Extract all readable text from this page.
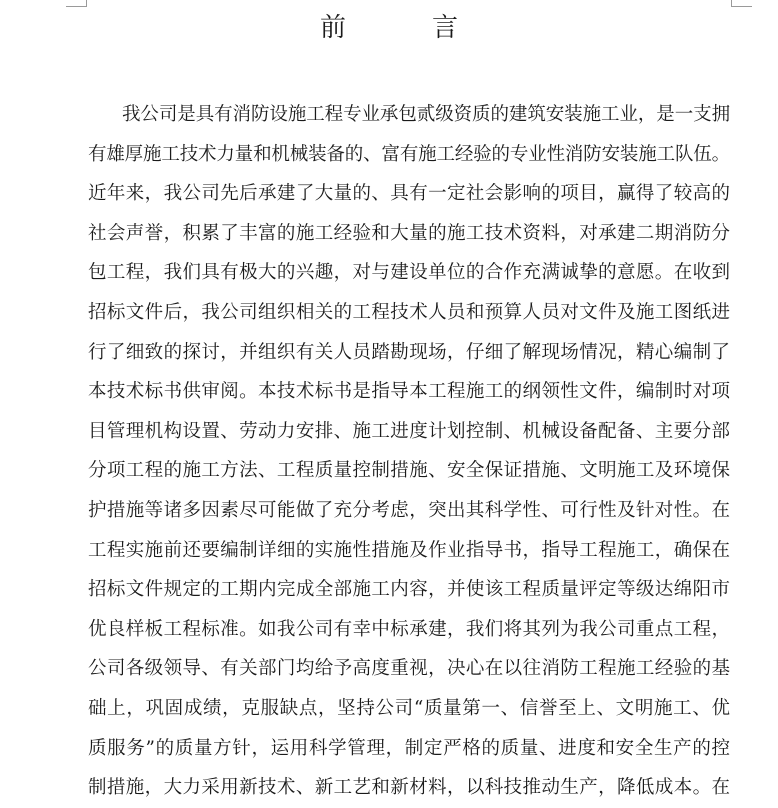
前　言
我公司是具有消防设施工程专业承包贰级资质的建筑安装施工业，是一支拥
有雄厚施工技术力量和机械装备的、富有施工经验的专业性消防安装施工队伍。
近年来，我公司先后承建了大量的、具有一定社会影响的项目，赢得了较高的
社会声誉，积累了丰富的施工经验和大量的施工技术资料，对承建二期消防分
包工程，我们具有极大的兴趣，对与建设单位的合作充满诚挚的意愿。在收到
招标文件后，我公司组织相关的工程技术人员和预算人员对文件及施工图纸进
行了细致的探讨，并组织有关人员踏勘现场，仔细了解现场情况，精心编制了
本技术标书供审阅。本技术标书是指导本工程施工的纲领性文件，编制时对项
目管理机构设置、劳动力安排、施工进度计划控制、机械设备配备、主要分部
分项工程的施工方法、工程质量控制措施、安全保证措施、文明施工及环境保
护措施等诸多因素尽可能做了充分考虑，突出其科学性、可行性及针对性。在
工程实施前还要编制详细的实施性措施及作业指导书，指导工程施工，确保在
招标文件规定的工期内完成全部施工内容，并使该工程质量评定等级达绵阳市
优良样板工程标准。如我公司有幸中标承建，我们将其列为我公司重点工程，
公司各级领导、有关部门均给予高度重视，决心在以往消防工程施工经验的基
础上，巩固成绩，克服缺点，坚持公司“质量第一、信誉至上、文明施工、优
质服务”的质量方针，运用科学管理，制定严格的质量、进度和安全生产的控
制措施，大力采用新技术、新工艺和新材料，以科技推动生产，降低成本。在
